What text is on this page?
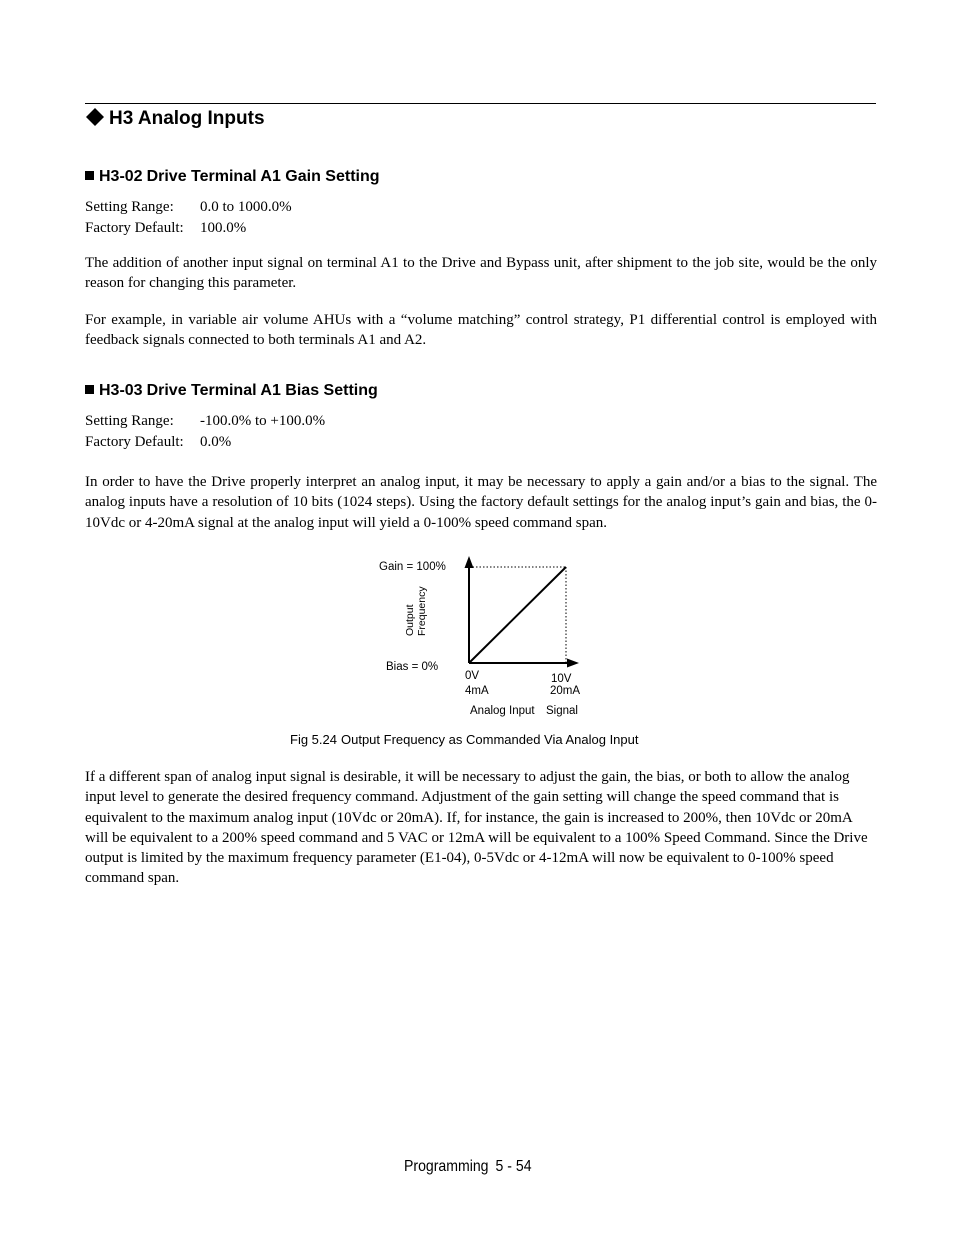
H3 Analog Inputs
H3-02 Drive Terminal A1 Gain Setting
Setting Range: 0.0 to 1000.0%
Factory Default: 100.0%
The addition of another input signal on terminal A1 to the Drive and Bypass unit, after shipment to the job site, would be the only reason for changing this parameter.
For example, in variable air volume AHUs with a “volume matching” control strategy, P1 differential control is employed with feedback signals connected to both terminals A1 and A2.
H3-03 Drive Terminal A1 Bias Setting
Setting Range: -100.0% to +100.0%
Factory Default: 0.0%
In order to have the Drive properly interpret an analog input, it may be necessary to apply a gain and/or a bias to the signal. The analog inputs have a resolution of 10 bits (1024 steps). Using the factory default settings for the analog input’s gain and bias, the 0-10Vdc or 4-20mA signal at the analog input will yield a 0-100% speed command span.
Gain = 100%
Bias = 0%
Output Frequency
0V
4mA
10V
20mA
Analog Input Signal
Fig 5.24 Output Frequency as Commanded Via Analog Input
If a different span of analog input signal is desirable, it will be necessary to adjust the gain, the bias, or both to allow the analog input level to generate the desired frequency command. Adjustment of the gain setting will change the speed command that is equivalent to the maximum analog input (10Vdc or 20mA). If, for instance, the gain is increased to 200%, then 10Vdc or 20mA will be equivalent to a 200% speed command and 5 VAC or 12mA will be equivalent to a 100% Speed Command. Since the Drive output is limited by the maximum frequency parameter (E1-04), 0-5Vdc or 4-12mA will now be equivalent to 0-100% speed command span.
Programming 5 - 54
